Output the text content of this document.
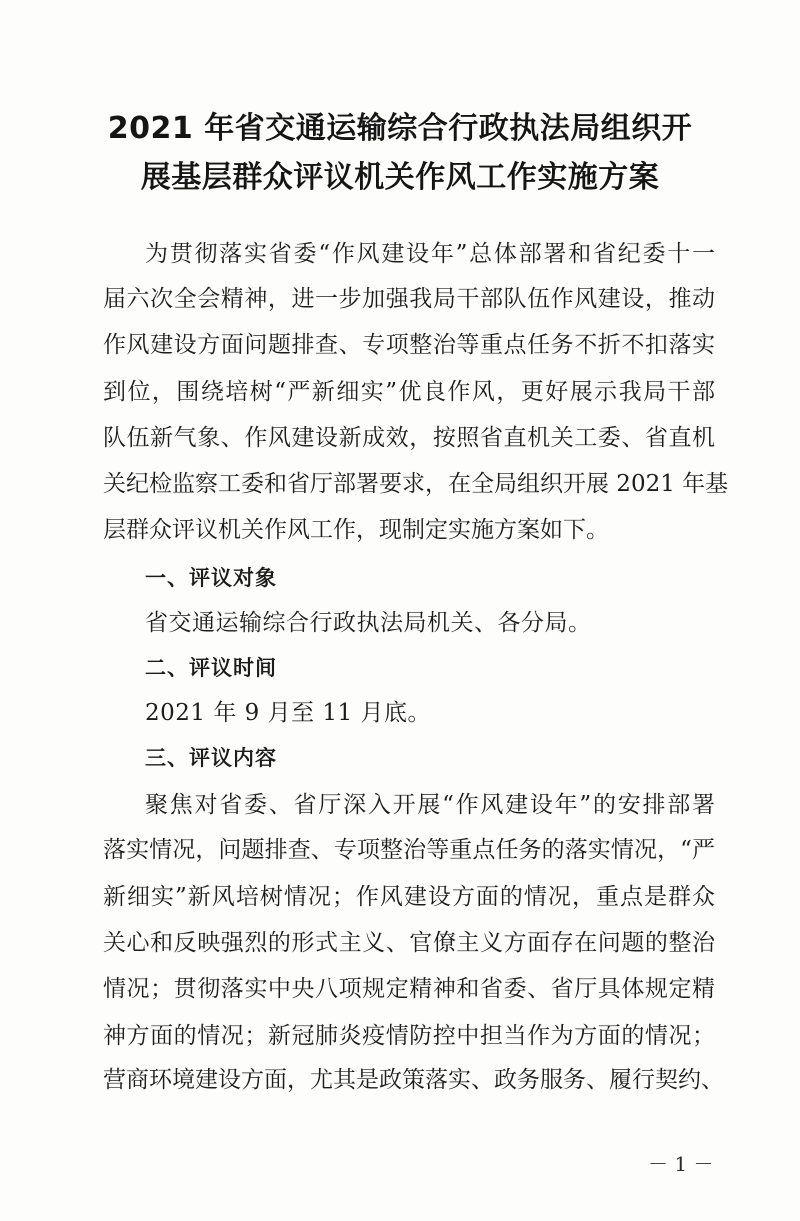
2021 年省交通运输综合行政执法局组织开
展基层群众评议机关作风工作实施方案
为贯彻落实省委“作风建设年”总体部署和省纪委十一
届六次全会精神，进一步加强我局干部队伍作风建设，推动
作风建设方面问题排查、专项整治等重点任务不折不扣落实
到位，围绕培树“严新细实”优良作风，更好展示我局干部
队伍新气象、作风建设新成效，按照省直机关工委、省直机
关纪检监察工委和省厅部署要求，在全局组织开展 2021 年基
层群众评议机关作风工作，现制定实施方案如下。
一、评议对象
省交通运输综合行政执法局机关、各分局。
二、评议时间
2021 年 9 月至 11 月底。
三、评议内容
聚焦对省委、省厅深入开展“作风建设年”的安排部署
落实情况，问题排查、专项整治等重点任务的落实情况，“严
新细实”新风培树情况；作风建设方面的情况，重点是群众
关心和反映强烈的形式主义、官僚主义方面存在问题的整治
情况；贯彻落实中央八项规定精神和省委、省厅具体规定精
神方面的情况；新冠肺炎疫情防控中担当作为方面的情况；
营商环境建设方面，尤其是政策落实、政务服务、履行契约、
－ 1 －
